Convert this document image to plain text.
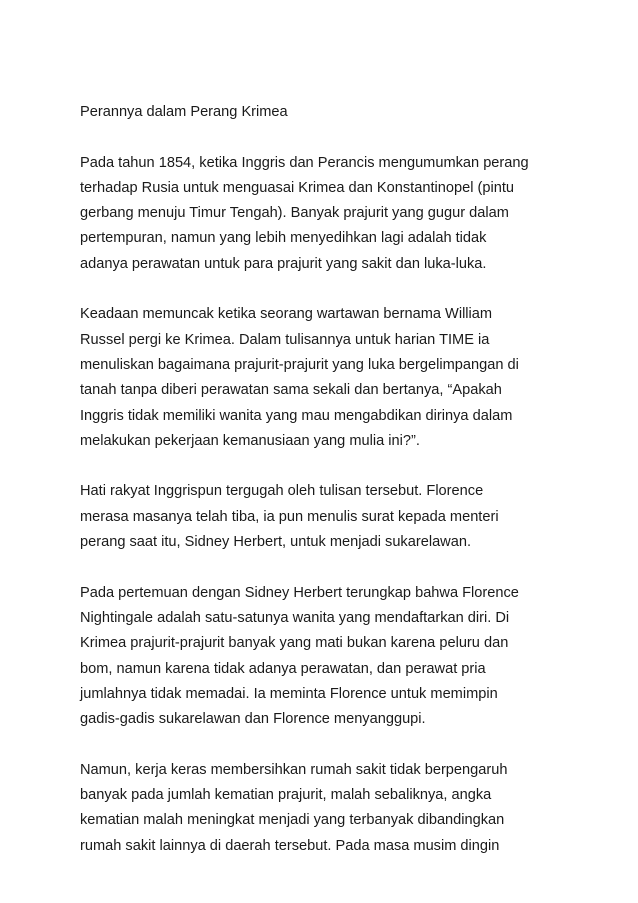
Perannya dalam Perang Krimea
Pada tahun 1854, ketika Inggris dan Perancis mengumumkan perang
terhadap Rusia untuk menguasai Krimea dan Konstantinopel (pintu
gerbang menuju Timur Tengah). Banyak prajurit yang gugur dalam
pertempuran, namun yang lebih menyedihkan lagi adalah tidak
adanya perawatan untuk para prajurit yang sakit dan luka-luka.
Keadaan memuncak ketika seorang wartawan bernama William
Russel pergi ke Krimea. Dalam tulisannya untuk harian TIME ia
menuliskan bagaimana prajurit-prajurit yang luka bergelimpangan di
tanah tanpa diberi perawatan sama sekali dan bertanya, “Apakah
Inggris tidak memiliki wanita yang mau mengabdikan dirinya dalam
melakukan pekerjaan kemanusiaan yang mulia ini?”.
Hati rakyat Inggrispun tergugah oleh tulisan tersebut. Florence
merasa masanya telah tiba, ia pun menulis surat kepada menteri
perang saat itu, Sidney Herbert, untuk menjadi sukarelawan.
Pada pertemuan dengan Sidney Herbert terungkap bahwa Florence
Nightingale adalah satu-satunya wanita yang mendaftarkan diri. Di
Krimea prajurit-prajurit banyak yang mati bukan karena peluru dan
bom, namun karena tidak adanya perawatan, dan perawat pria
jumlahnya tidak memadai. Ia meminta Florence untuk memimpin
gadis-gadis sukarelawan dan Florence menyanggupi.
Namun, kerja keras membersihkan rumah sakit tidak berpengaruh
banyak pada jumlah kematian prajurit, malah sebaliknya, angka
kematian malah meningkat menjadi yang terbanyak dibandingkan
rumah sakit lainnya di daerah tersebut. Pada masa musim dingin
